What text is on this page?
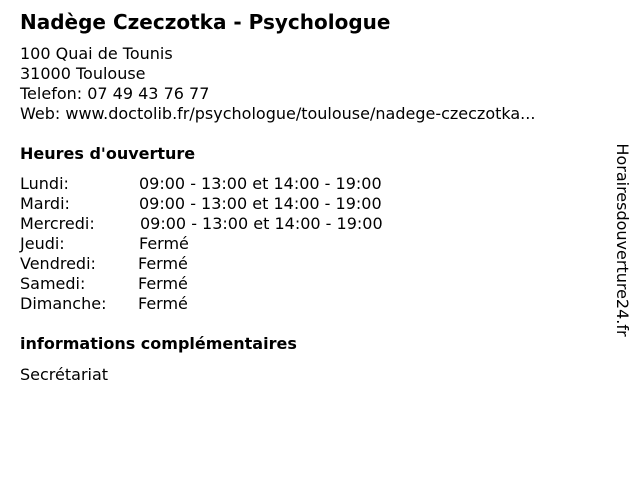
Nadège Czeczotka - Psychologue
100 Quai de Tounis
31000 Toulouse
Telefon: 07 49 43 76 77
Web: www.doctolib.fr/psychologue/toulouse/nadege-czeczotka...
Heures d'ouverture
Lundi:	09:00 - 13:00 et 14:00 - 19:00
Mardi:	09:00 - 13:00 et 14:00 - 19:00
Mercredi:	09:00 - 13:00 et 14:00 - 19:00
Jeudi:	Fermé
Vendredi:	Fermé
Samedi:	Fermé
Dimanche: Fermé
informations complémentaires
Secrétariat
Horairesdouverture24.fr
